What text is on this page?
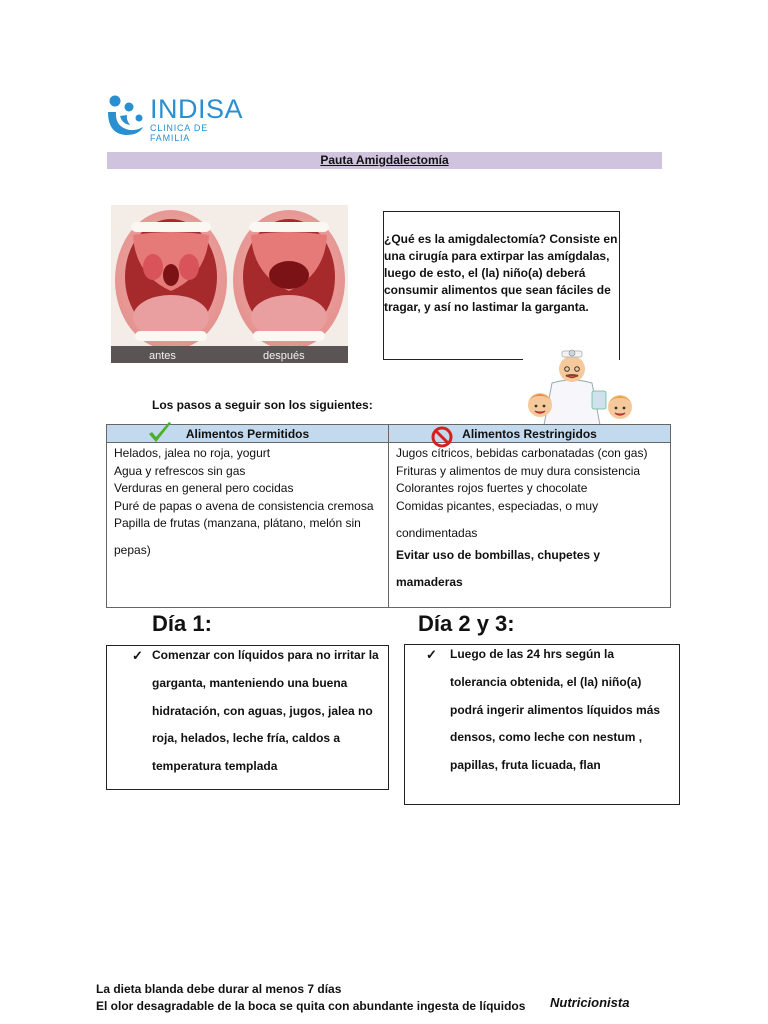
INDISA
CLINICA DE FAMILIA
Pauta Amigdalectomía
antes	después
¿Qué es la amigdalectomía? Consiste en una cirugía para extirpar las amígdalas, luego de esto, el (la) niño(a) deberá consumir alimentos que sean fáciles de tragar, y así no lastimar la garganta.
Los pasos a seguir son los siguientes:
Alimentos Permitidos
Helados, jalea no roja, yogurt
Agua y refrescos sin gas
Verduras en general pero cocidas
Puré de papas o avena de consistencia cremosa
Papilla de frutas (manzana, plátano, melón sin pepas)
Alimentos Restringidos
Jugos cítricos, bebidas carbonatadas (con gas)
Frituras y alimentos de muy dura consistencia
Colorantes rojos fuertes y chocolate
Comidas picantes, especiadas, o muy condimentadas
Evitar uso de bombillas, chupetes y mamaderas
Día 1:	Día 2 y 3:
✓ Comenzar con líquidos para no irritar la garganta, manteniendo una buena hidratación, con aguas, jugos, jalea no roja, helados, leche fría, caldos a temperatura templada
✓ Luego de las 24 hrs según la tolerancia obtenida, el (la) niño(a) podrá ingerir alimentos líquidos más densos, como leche con nestum , papillas, fruta licuada, flan
La dieta blanda debe durar al menos 7 días
El olor desagradable de la boca se quita con abundante ingesta de líquidos Nutricionista
